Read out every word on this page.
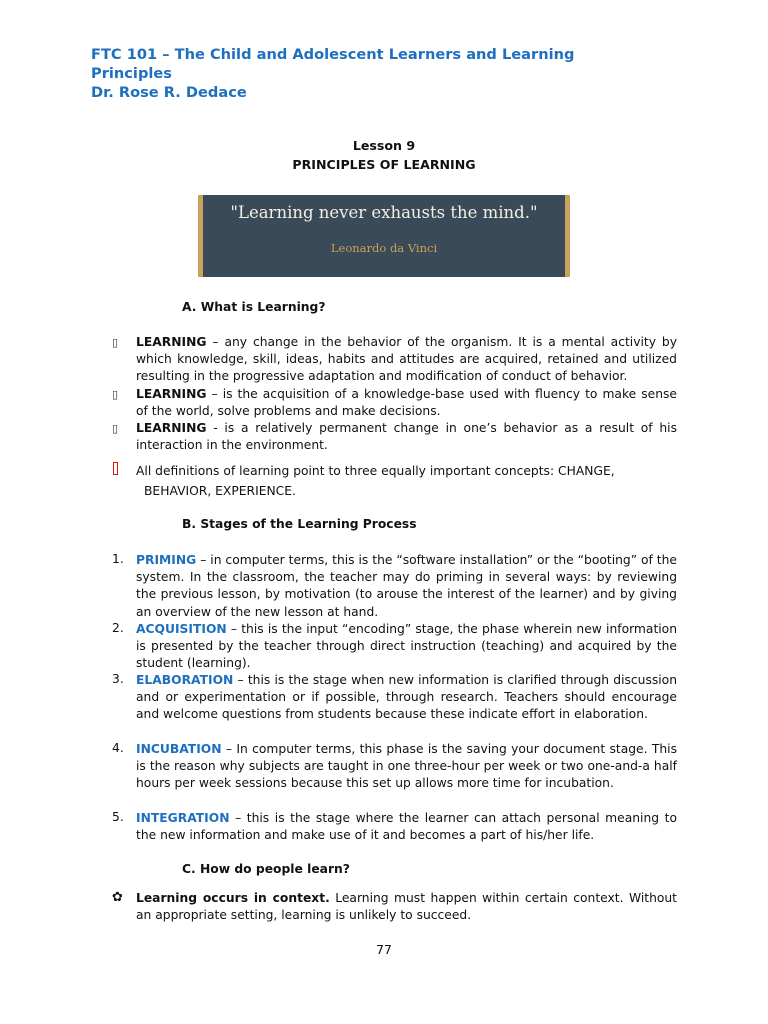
FTC 101 – The Child and Adolescent Learners and Learning
Principles
Dr. Rose R. Dedace
Lesson 9
PRINCIPLES OF LEARNING
"Learning never exhausts the mind."
Leonardo da Vinci
A. What is Learning?
▯ LEARNING – any change in the behavior of the organism. It is a mental activity by which knowledge, skill, ideas, habits and attitudes are acquired, retained and utilized resulting in the progressive adaptation and modification of conduct of behavior.
▯ LEARNING – is the acquisition of a knowledge-base used with fluency to make sense of the world, solve problems and make decisions.
▯ LEARNING - is a relatively permanent change in one’s behavior as a result of his interaction in the environment.
All definitions of learning point to three equally important concepts: CHANGE,
BEHAVIOR, EXPERIENCE.
B. Stages of the Learning Process
1. PRIMING – in computer terms, this is the “software installation” or the “booting” of the system. In the classroom, the teacher may do priming in several ways: by reviewing the previous lesson, by motivation (to arouse the interest of the learner) and by giving an overview of the new lesson at hand.
2. ACQUISITION – this is the input “encoding” stage, the phase wherein new information is presented by the teacher through direct instruction (teaching) and acquired by the student (learning).
3. ELABORATION – this is the stage when new information is clarified through discussion and or experimentation or if possible, through research. Teachers should encourage and welcome questions from students because these indicate effort in elaboration.
4. INCUBATION – In computer terms, this phase is the saving your document stage. This is the reason why subjects are taught in one three-hour per week or two one-and-a half hours per week sessions because this set up allows more time for incubation.
5. INTEGRATION – this is the stage where the learner can attach personal meaning to the new information and make use of it and becomes a part of his/her life.
C. How do people learn?
✿ Learning occurs in context. Learning must happen within certain context. Without an appropriate setting, learning is unlikely to succeed.
77
